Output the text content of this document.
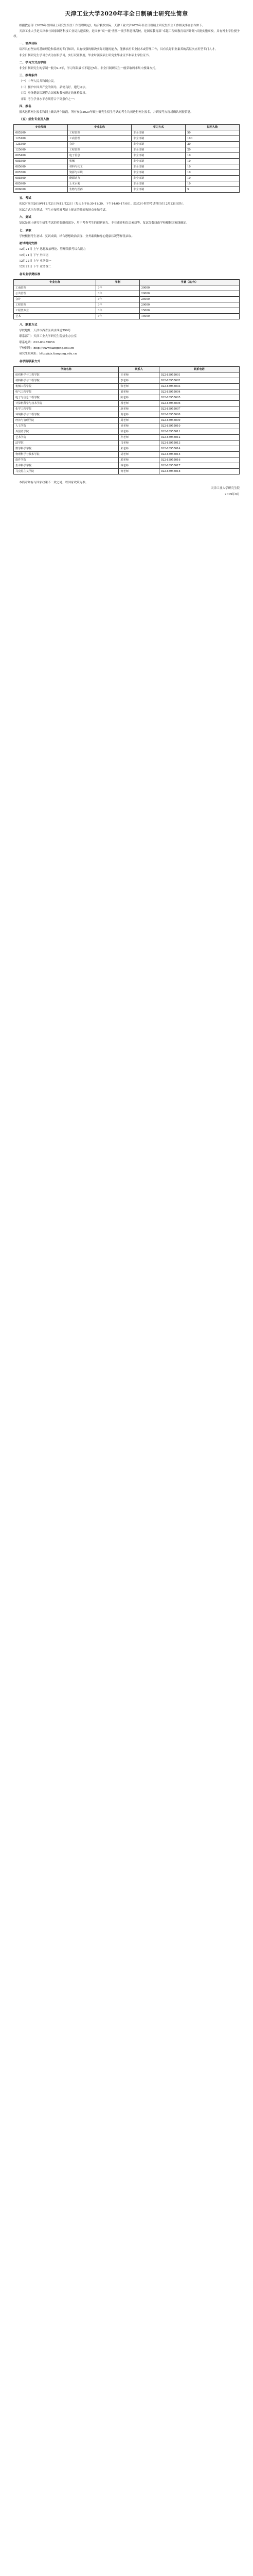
天津工业大学2020年非全日制硕士研究生简章
根据教育部《2020年全国硕士研究生招生工作管理规定》，结合我校实际，天津工业大学2020年非全日制硕士研究生招生工作相关事宜公布如下。
天津工业大学是天津市与国家国防科技工业局共建高校，是国家“双一流”世界一流学科建设高校，是国家教育部“卓越工程师教育培养计划”首批实施高校，具有博士学位授予权。
一、培养目标
培养具有坚实的基础理论和系统的专门知识，具有较强的解决实际问题的能力，能够承担专业技术或管理工作，具有良好职业素养的高层次应用型专门人才。
非全日制研究生学习方式为在职学习，实行双证制度，毕业时颁发硕士研究生毕业证书和硕士学位证书。
二、学习方式及学制
非全日制研究生的学制一般为2-3年，学习年限最长不超过5年。非全日制研究生一般采取周末集中授课方式。
三、报考条件
（一）中华人民共和国公民。
（二）拥护中国共产党的领导，品德良好，遵纪守法。
（三）身体健康状况符合国家和我校规定的体检要求。
（四）考生学业水平必须符合下列条件之一：
四、报名
报名包括网上报名和网上确认两个阶段。所有参加2020年硕士研究生招生考试的考生均须进行网上报名，并到报考点现场确认网报信息。
（五）招生专业及人数
专业代码	专业名称	学习方式	拟招人数
085200	工程管理	非全日制	50
125100	工商管理	非全日制	100
125300	会计	非全日制	30
125600	工程管理	非全日制	20
085400	电子信息	非全日制	10
085500	机械	非全日制	10
085600	材料与化工	非全日制	10
085700	资源与环境	非全日制	10
085800	能源动力	非全日制	10
085900	土木水利	非全日制	10
086000	生物与医药	非全日制	5
五、考试
初试时间为2019年12月21日至12月22日（每天上午8:30-11:30，下午14:00-17:00）。超过3小时的考试科目在12月23日进行。
初试方式均为笔试。考生应按照准考证上规定的时间和地点参加考试。
六、复试
复试是硕士研究生招生考试的重要组成部分，用于考查考生的创新能力、专业素养和综合素质等。复试分数线由学校根据国家线确定。
七、录取
学校根据考生初试、复试成绩，结合思想政治表现、业务素质和身心健康状况等择优录取。
初试时间安排
12月21日 上午 思想政治理论、管理类联考综合能力
12月21日 下午 外国语
12月22日 上午 业务课一
12月22日 下午 业务课二
各专业学费标准
专业名称	学制	学费（元/年）
工商管理	3年	30000
公共管理	3年	20000
会计	3年	25000
工程管理	3年	20000
工程类专业	3年	15000
艺术	3年	15000
八、联系方式
学校地址：天津市西青区宾水西道399号
联系部门：天津工业大学研究生院招生办公室
联系电话：022-83955056
学校网址：http://www.tiangong.edu.cn
研究生院网址：http://yjs.tiangong.edu.cn
各学院联系方式
学院名称	联系人	联系电话
纺织科学与工程学院	王老师	022-83955001
材料科学与工程学院	李老师	022-83955002
机械工程学院	张老师	022-83955003
电气工程学院	刘老师	022-83955004
电子与信息工程学院	陈老师	022-83955005
计算机科学与技术学院	杨老师	022-83955006
化学工程学院	赵老师	022-83955007
环境科学与工程学院	黄老师	022-83955008
经济与管理学院	周老师	022-83955009
人文学院	吴老师	022-83955010
外国语学院	徐老师	022-83955011
艺术学院	孙老师	022-83955012
法学院	马老师	022-83955013
数学科学学院	朱老师	022-83955014
物理科学与技术学院	胡老师	022-83955015
软件学院	郭老师	022-83955016
生命科学学院	林老师	022-83955017
马克思主义学院	何老师	022-83955018
本简章如有与国家政策不一致之处，以国家政策为准。
天津工业大学研究生院
2019年9月
